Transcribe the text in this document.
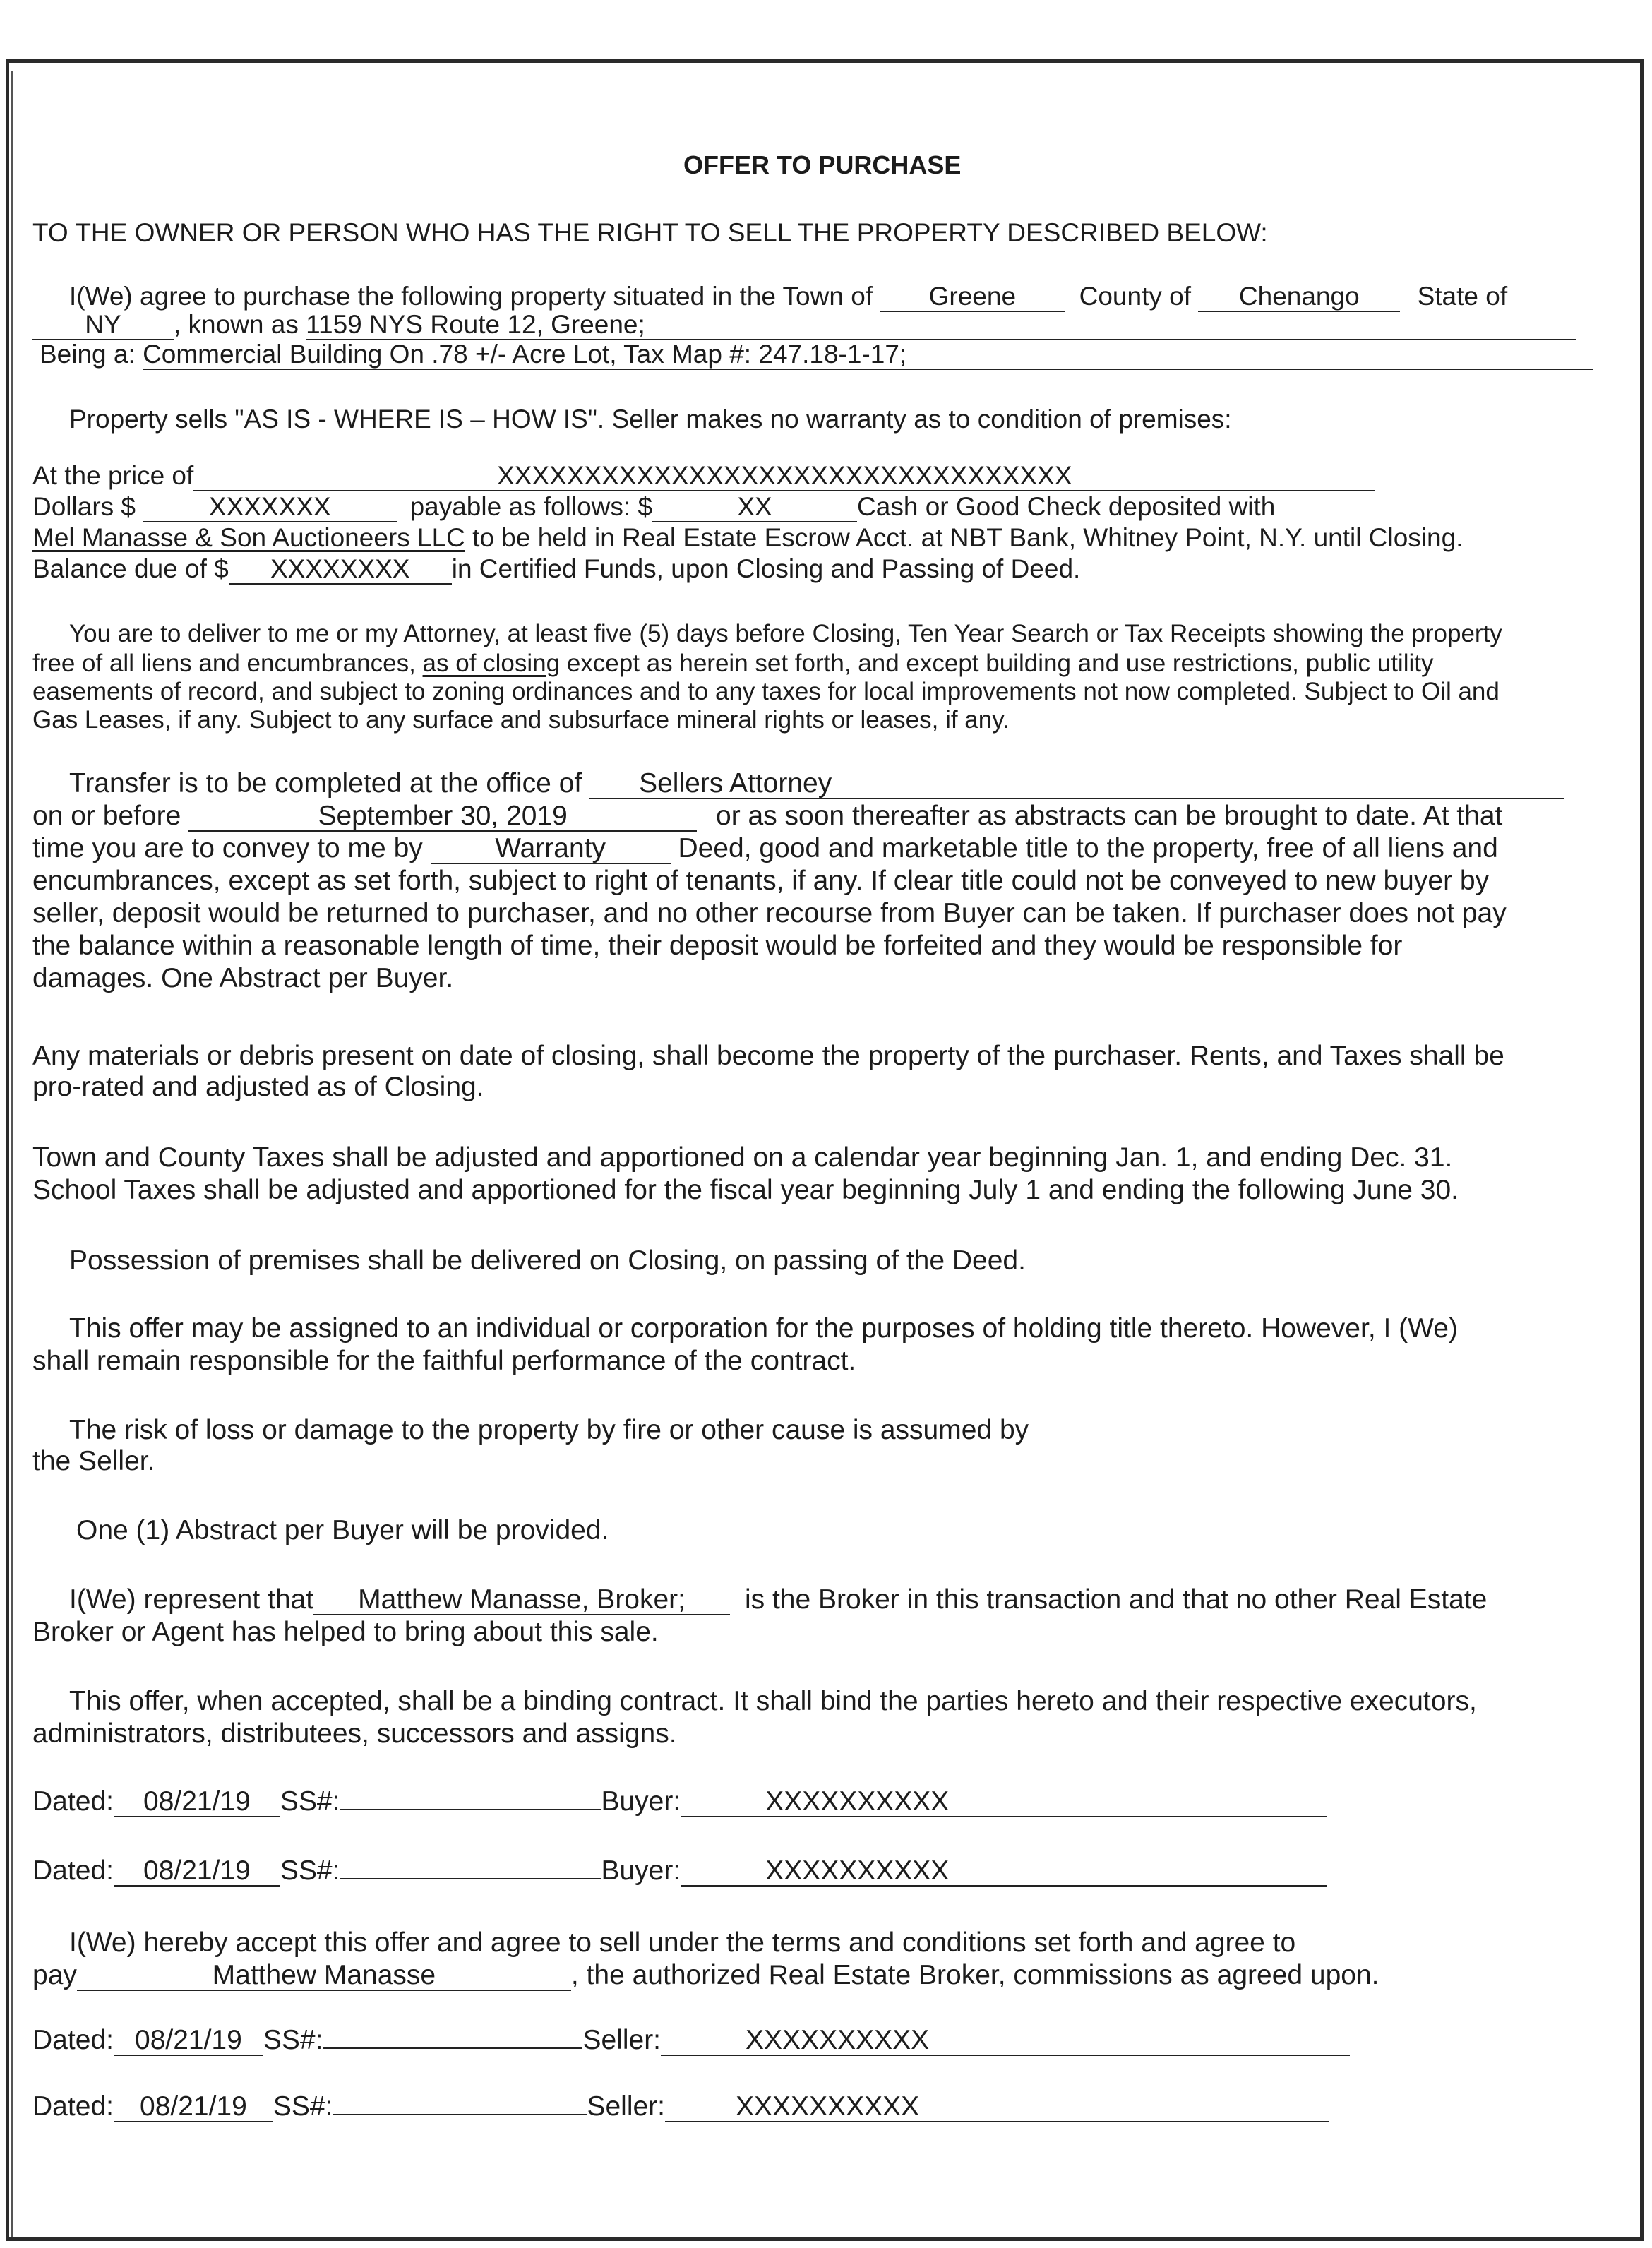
OFFER TO PURCHASE
TO THE OWNER OR PERSON WHO HAS THE RIGHT TO SELL THE PROPERTY DESCRIBED BELOW:
I(We) agree to purchase the following property situated in the Town of Greene County of Chenango State of
NY , known as 1159 NYS Route 12, Greene;
Being a: Commercial Building On .78 +/- Acre Lot, Tax Map #: 247.18-1-17;
Property sells "AS IS - WHERE IS – HOW IS". Seller makes no warranty as to condition of premises:
At the price of	XXXXXXXXXXXXXXXXXXXXXXXXXXXXXXXXX
Dollars $	XXXXXXX	payable as follows: $	XX	Cash or Good Check deposited with
Mel Manasse & Son Auctioneers LLC to be held in Real Estate Escrow Acct. at NBT Bank, Whitney Point, N.Y. until Closing.
Balance due of $ XXXXXXXX in Certified Funds, upon Closing and Passing of Deed.
You are to deliver to me or my Attorney, at least five (5) days before Closing, Ten Year Search or Tax Receipts showing the property
free of all liens and encumbrances, as of closing except as herein set forth, and except building and use restrictions, public utility
easements of record, and subject to zoning ordinances and to any taxes for local improvements not now completed. Subject to Oil and
Gas Leases, if any. Subject to any surface and subsurface mineral rights or leases, if any.
Transfer is to be completed at the office of Sellers Attorney
on or before	September 30, 2019	or as soon thereafter as abstracts can be brought to date. At that
time you are to convey to me by	Warranty	Deed, good and marketable title to the property, free of all liens and
encumbrances, except as set forth, subject to right of tenants, if any. If clear title could not be conveyed to new buyer by
seller, deposit would be returned to purchaser, and no other recourse from Buyer can be taken. If purchaser does not pay
the balance within a reasonable length of time, their deposit would be forfeited and they would be responsible for
damages. One Abstract per Buyer.
Any materials or debris present on date of closing, shall become the property of the purchaser. Rents, and Taxes shall be
pro-rated and adjusted as of Closing.
Town and County Taxes shall be adjusted and apportioned on a calendar year beginning Jan. 1, and ending Dec. 31.
School Taxes shall be adjusted and apportioned for the fiscal year beginning July 1 and ending the following June 30.
Possession of premises shall be delivered on Closing, on passing of the Deed.
This offer may be assigned to an individual or corporation for the purposes of holding title thereto. However, I (We)
shall remain responsible for the faithful performance of the contract.
The risk of loss or damage to the property by fire or other cause is assumed by
the Seller.
One (1) Abstract per Buyer will be provided.
I(We) represent that Matthew Manasse, Broker; is the Broker in this transaction and that no other Real Estate
Broker or Agent has helped to bring about this sale.
This offer, when accepted, shall be a binding contract. It shall bind the parties hereto and their respective executors,
administrators, distributees, successors and assigns.
Dated: 08/21/19 SS#:	Buyer:	XXXXXXXXXX
Dated: 08/21/19 SS#:	Buyer:	XXXXXXXXXX
I(We) hereby accept this offer and agree to sell under the terms and conditions set forth and agree to
pay	Matthew Manasse	, the authorized Real Estate Broker, commissions as agreed upon.
Dated: 08/21/19 SS#:	Seller:	XXXXXXXXXX
Dated: 08/21/19 SS#:	Seller:	XXXXXXXXXX
